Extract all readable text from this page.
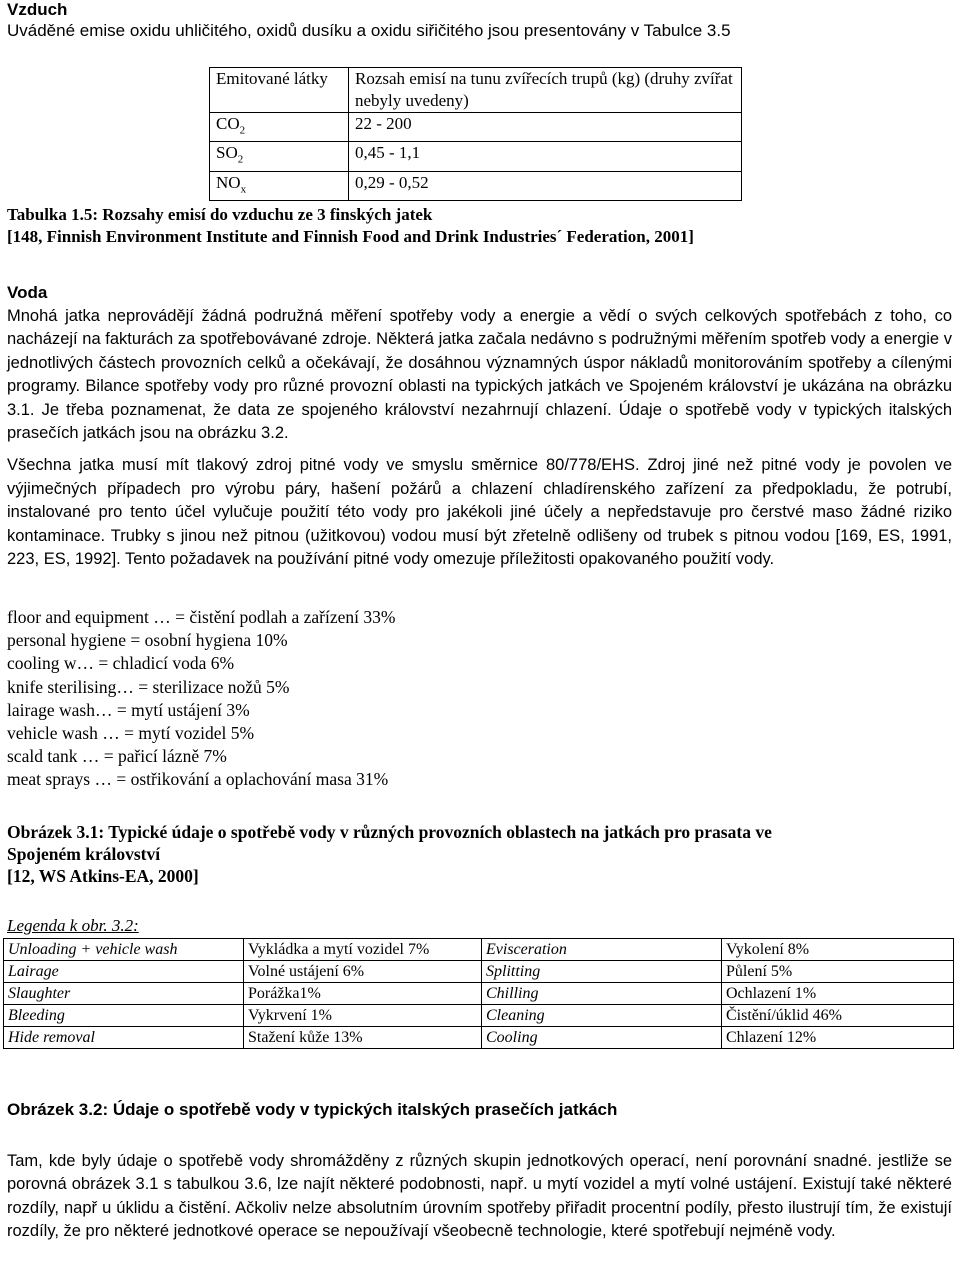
Vzduch
Uváděné emise oxidu uhličitého, oxidů dusíku a oxidu siřičitého jsou presentovány v Tabulce 3.5
Emitované látky	Rozsah emisí na tunu zvířecích trupů (kg) (druhy zvířat nebyly uvedeny)
$CO_2$	22 - 200
$SO_2$	0,45 - 1,1
$NO_x$	0,29 - 0,52
Tabulka 1.5: Rozsahy emisí do vzduchu ze 3 finských jatek
[148, Finnish Environment Institute and Finnish Food and Drink Industries´ Federation, 2001]
Voda

Mnohá jatka neprovádějí žádná podružná měření spotřeby vody a energie a vědí o svých celkových spotřebách z toho, co nacházejí na fakturách za spotřebovávané zdroje. Některá jatka začala nedávno s podružnými měřením spotřeb vody a energie v jednotlivých částech provozních celků a očekávají, že dosáhnou významných úspor nákladů monitorováním spotřeby a cílenými programy. Bilance spotřeby vody pro různé provozní oblasti na typických jatkách ve Spojeném království je ukázána na obrázku 3.1. Je třeba poznamenat, že data ze spojeného království nezahrnují chlazení. Údaje o spotřebě vody v typických italských prasečích jatkách jsou na obrázku 3.2.

Všechna jatka musí mít tlakový zdroj pitné vody ve smyslu směrnice 80/778/EHS. Zdroj jiné než pitné vody je povolen ve výjimečných případech pro výrobu páry, hašení požárů a chlazení chladírenského zařízení za předpokladu, že potrubí, instalované pro tento účel vylučuje použití této vody pro jakékoli jiné účely a nepředstavuje pro čerstvé maso žádné riziko kontaminace. Trubky s jinou než pitnou (užitkovou) vodou musí být zřetelně odlišeny od trubek s pitnou vodou [169, ES, 1991, 223, ES, 1992]. Tento požadavek na používání pitné vody omezuje příležitosti opakovaného použití vody.

floor and equipment … = čistění podlah a zařízení 33%
personal hygiene = osobní hygiena 10%
cooling w… = chladicí voda 6%
knife sterilising… = sterilizace nožů 5%
lairage wash… = mytí ustájení 3%
vehicle wash … = mytí vozidel 5%
scald tank … = pařicí lázně 7%
meat sprays … = ostřikování a oplachování masa 31%
Obrázek 3.1: Typické údaje o spotřebě vody v různých provozních oblastech na jatkách pro prasata ve
Spojeném království
[12, WS Atkins-EA, 2000]
Legenda k obr. 3.2:
Unloading + vehicle wash	Vykládka a mytí vozidel 7%	Evisceration	Vykolení 8%
Lairage	Volné ustájení 6%	Splitting	Půlení 5%
Slaughter	Porážka1%	Chilling	Ochlazení 1%
Bleeding	Vykrvení 1%	Cleaning	Čistění/úklid 46%
Hide removal	Stažení kůže 13%	Cooling	Chlazení 12%
Obrázek 3.2: Údaje o spotřebě vody v typických italských prasečích jatkách

Tam, kde byly údaje o spotřebě vody shromážděny z různých skupin jednotkových operací, není porovnání snadné. jestliže se porovná obrázek 3.1 s tabulkou 3.6, lze najít některé podobnosti, např. u mytí vozidel a mytí volné ustájení. Existují také některé rozdíly, např u úklidu a čistění. Ačkoliv nelze absolutním úrovním spotřeby přiřadit procentní podíly, přesto ilustrují tím, že existují rozdíly, že pro některé jednotkové operace se nepoužívají všeobecně technologie, které spotřebují nejméně vody.
